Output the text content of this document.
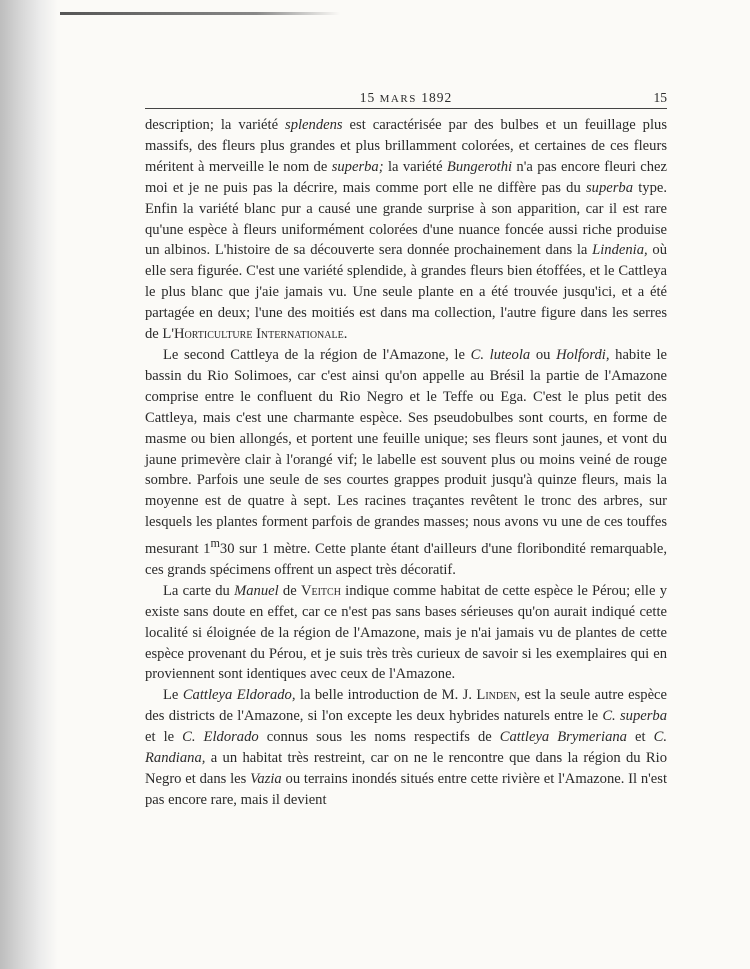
15 MARS 1892	15

description; la variété splendens est caractérisée par des bulbes et un feuillage plus massifs, des fleurs plus grandes et plus brillamment colorées, et certaines de ces fleurs méritent à merveille le nom de superba; la variété Bungerothi n'a pas encore fleuri chez moi et je ne puis pas la décrire, mais comme port elle ne diffère pas du superba type. Enfin la variété blanc pur a causé une grande surprise à son apparition, car il est rare qu'une espèce à fleurs uniformément colorées d'une nuance foncée aussi riche produise un albinos. L'histoire de sa découverte sera donnée prochainement dans la Lindenia, où elle sera figurée. C'est une variété splendide, à grandes fleurs bien étoffées, et le Cattleya le plus blanc que j'aie jamais vu. Une seule plante en a été trouvée jusqu'ici, et a été partagée en deux; l'une des moitiés est dans ma collection, l'autre figure dans les serres de L'Horticulture Internationale.

Le second Cattleya de la région de l'Amazone, le C. luteola ou Holfordi, habite le bassin du Rio Solimoes, car c'est ainsi qu'on appelle au Brésil la partie de l'Amazone comprise entre le confluent du Rio Negro et le Teffe ou Ega. C'est le plus petit des Cattleya, mais c'est une charmante espèce. Ses pseudobulbes sont courts, en forme de masme ou bien allongés, et portent une feuille unique; ses fleurs sont jaunes, et vont du jaune primevère clair à l'orangé vif; le labelle est souvent plus ou moins veiné de rouge sombre. Parfois une seule de ses courtes grappes produit jusqu'à quinze fleurs, mais la moyenne est de quatre à sept. Les racines traçantes revêtent le tronc des arbres, sur lesquels les plantes forment parfois de grandes masses; nous avons vu une de ces touffes mesurant 1$^m$30 sur 1 mètre. Cette plante étant d'ailleurs d'une floribondité remarquable, ces grands spécimens offrent un aspect très décoratif.

La carte du Manuel de Veitch indique comme habitat de cette espèce le Pérou; elle y existe sans doute en effet, car ce n'est pas sans bases sérieuses qu'on aurait indiqué cette localité si éloignée de la région de l'Amazone, mais je n'ai jamais vu de plantes de cette espèce provenant du Pérou, et je suis très très curieux de savoir si les exemplaires qui en proviennent sont identiques avec ceux de l'Amazone.

Le Cattleya Eldorado, la belle introduction de M. J. Linden, est la seule autre espèce des districts de l'Amazone, si l'on excepte les deux hybrides naturels entre le C. superba et le C. Eldorado connus sous les noms respectifs de Cattleya Brymeriana et C. Randiana, a un habitat très restreint, car on ne le rencontre que dans la région du Rio Negro et dans les Vazia ou terrains inondés situés entre cette rivière et l'Amazone. Il n'est pas encore rare, mais il devient
